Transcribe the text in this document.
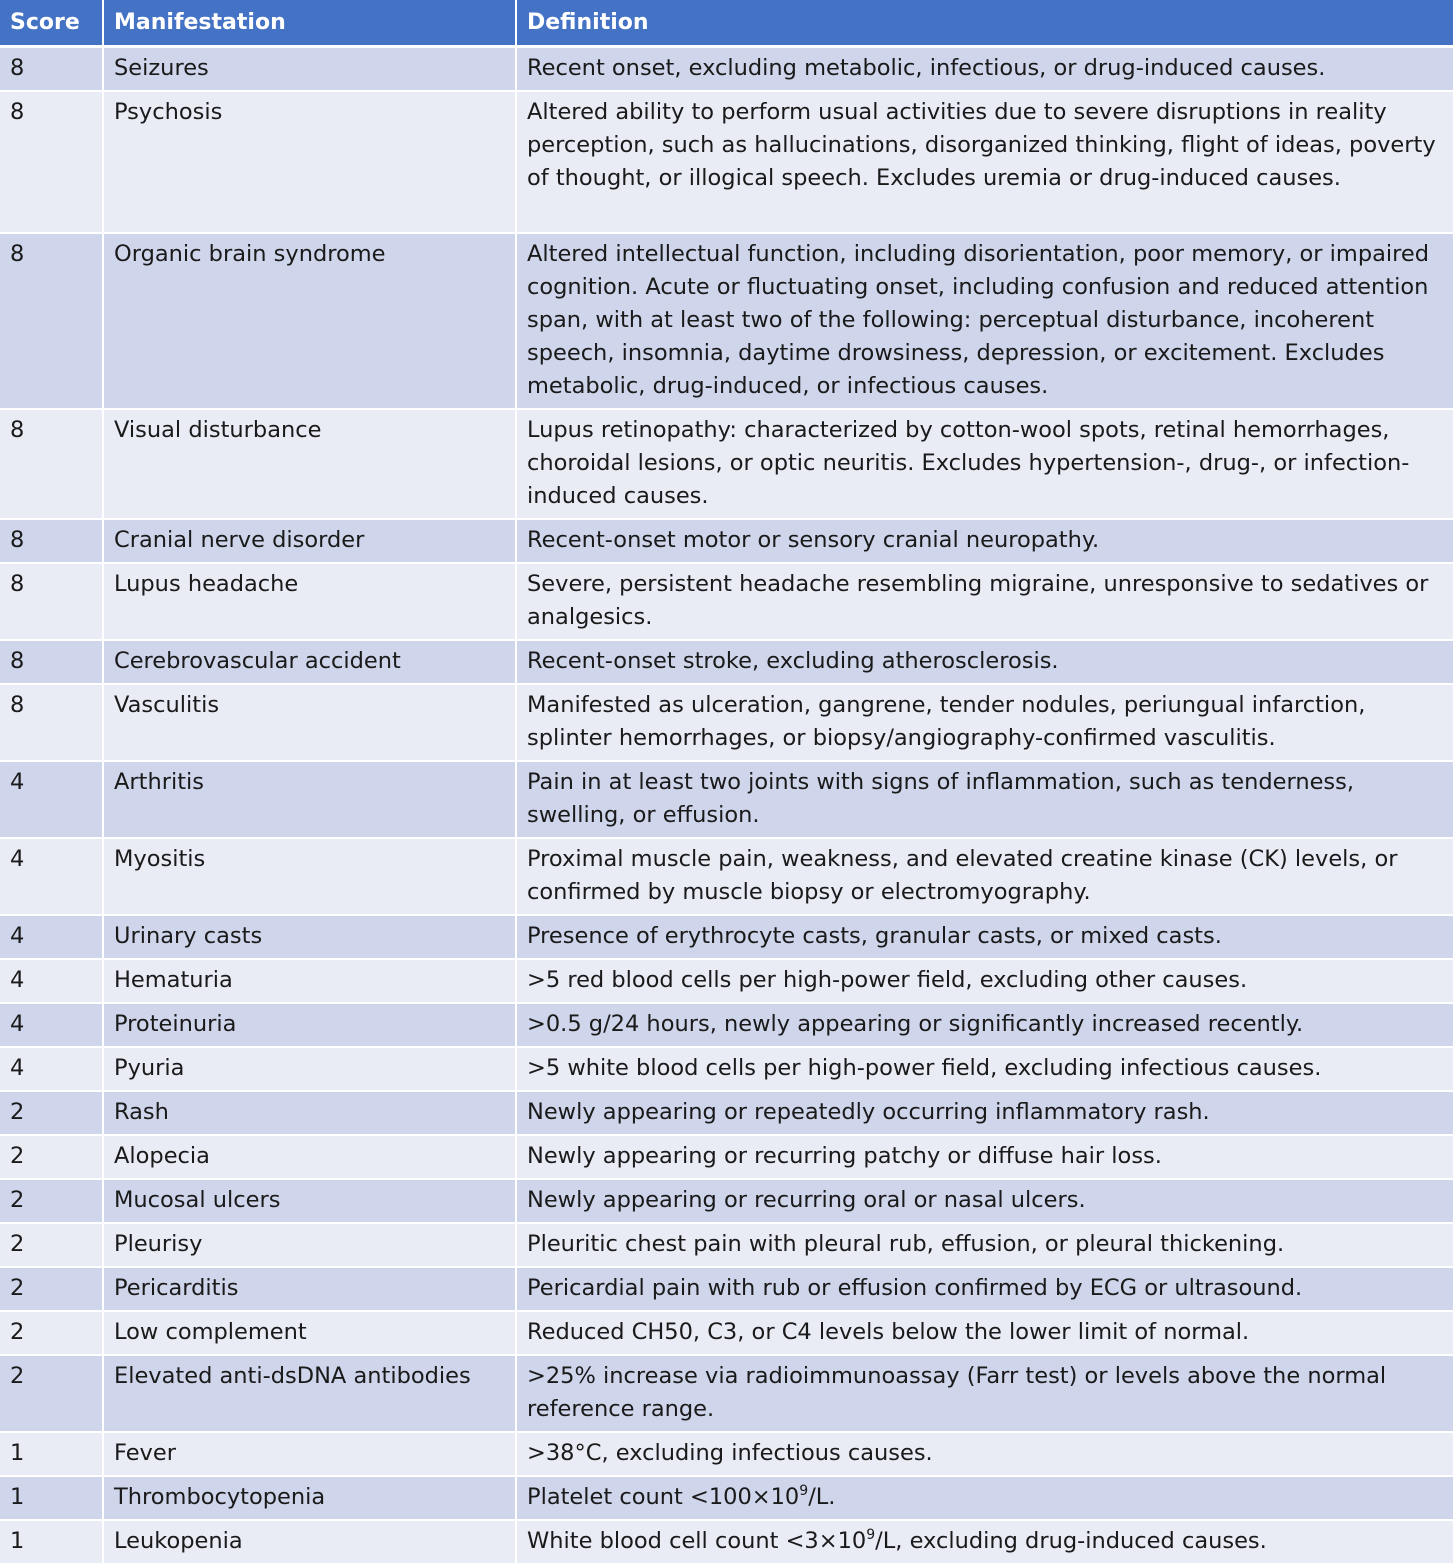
Score	Manifestation	Definition
8	Seizures	Recent onset, excluding metabolic, infectious, or drug-induced causes.
8	Psychosis	Altered ability to perform usual activities due to severe disruptions in reality perception, such as hallucinations, disorganized thinking, flight of ideas, poverty of thought, or illogical speech. Excludes uremia or drug-induced causes.
8	Organic brain syndrome	Altered intellectual function, including disorientation, poor memory, or impaired cognition. Acute or fluctuating onset, including confusion and reduced attention span, with at least two of the following: perceptual disturbance, incoherent speech, insomnia, daytime drowsiness, depression, or excitement. Excludes metabolic, drug-induced, or infectious causes.
8	Visual disturbance	Lupus retinopathy: characterized by cotton-wool spots, retinal hemorrhages, choroidal lesions, or optic neuritis. Excludes hypertension-, drug-, or infection-induced causes.
8	Cranial nerve disorder	Recent-onset motor or sensory cranial neuropathy.
8	Lupus headache	Severe, persistent headache resembling migraine, unresponsive to sedatives or analgesics.
8	Cerebrovascular accident	Recent-onset stroke, excluding atherosclerosis.
8	Vasculitis	Manifested as ulceration, gangrene, tender nodules, periungual infarction, splinter hemorrhages, or biopsy/angiography-confirmed vasculitis.
4	Arthritis	Pain in at least two joints with signs of inflammation, such as tenderness, swelling, or effusion.
4	Myositis	Proximal muscle pain, weakness, and elevated creatine kinase (CK) levels, or confirmed by muscle biopsy or electromyography.
4	Urinary casts	Presence of erythrocyte casts, granular casts, or mixed casts.
4	Hematuria	>5 red blood cells per high-power field, excluding other causes.
4	Proteinuria	>0.5 g/24 hours, newly appearing or significantly increased recently.
4	Pyuria	>5 white blood cells per high-power field, excluding infectious causes.
2	Rash	Newly appearing or repeatedly occurring inflammatory rash.
2	Alopecia	Newly appearing or recurring patchy or diffuse hair loss.
2	Mucosal ulcers	Newly appearing or recurring oral or nasal ulcers.
2	Pleurisy	Pleuritic chest pain with pleural rub, effusion, or pleural thickening.
2	Pericarditis	Pericardial pain with rub or effusion confirmed by ECG or ultrasound.
2	Low complement	Reduced CH50, C3, or C4 levels below the lower limit of normal.
2	Elevated anti-dsDNA antibodies	>25% increase via radioimmunoassay (Farr test) or levels above the normal reference range.
1	Fever	>38°C, excluding infectious causes.
1	Thrombocytopenia	Platelet count $<100\times 10^9/L$.
1	Leukopenia	White blood cell count $<3\times 10^9/L$, excluding drug-induced causes.
